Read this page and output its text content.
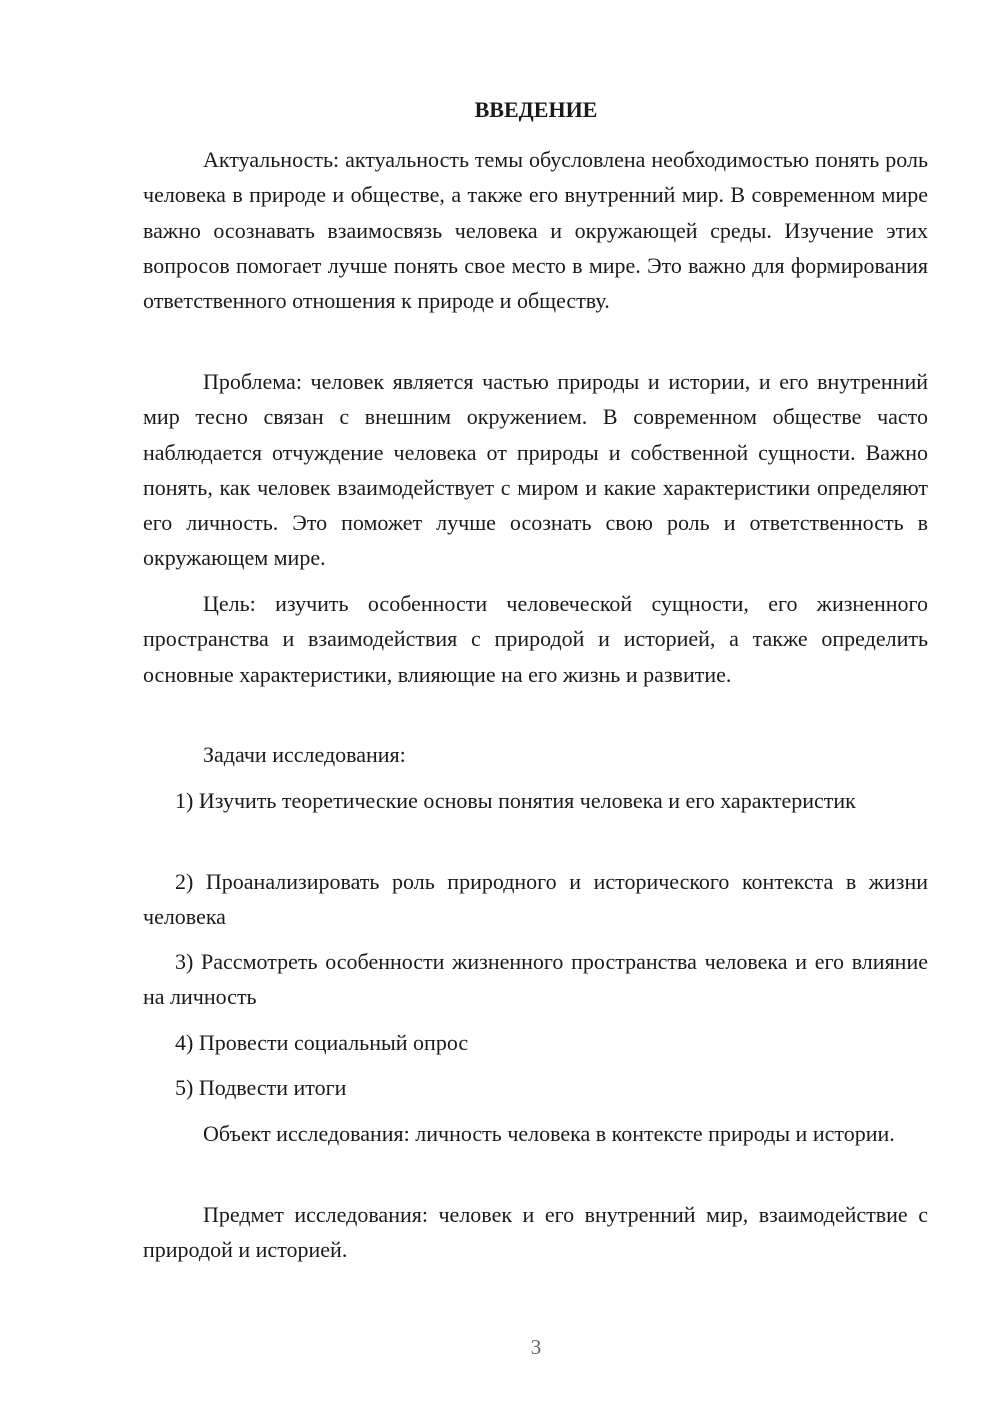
ВВЕДЕНИЕ

Актуальность: актуальность темы обусловлена необходимостью понять роль человека в природе и обществе, а также его внутренний мир. В современном мире важно осознавать взаимосвязь человека и окружающей среды. Изучение этих вопросов помогает лучше понять свое место в мире. Это важно для формирования ответственного отношения к природе и обществу.

Проблема: человек является частью природы и истории, и его внутренний мир тесно связан с внешним окружением. В современном обществе часто наблюдается отчуждение человека от природы и собственной сущности. Важно понять, как человек взаимодействует с миром и какие характеристики определяют его личность. Это поможет лучше осознать свою роль и ответственность в окружающем мире.

Цель: изучить особенности человеческой сущности, его жизненного пространства и взаимодействия с природой и историей, а также определить основные характеристики, влияющие на его жизнь и развитие.

Задачи исследования:

1) Изучить теоретические основы понятия человека и его характеристик

2) Проанализировать роль природного и исторического контекста в жизни человека

3) Рассмотреть особенности жизненного пространства человека и его влияние на личность

4) Провести социальный опрос

5) Подвести итоги

Объект исследования: личность человека в контексте природы и истории.

Предмет исследования: человек и его внутренний мир, взаимодействие с природой и историей.

3
